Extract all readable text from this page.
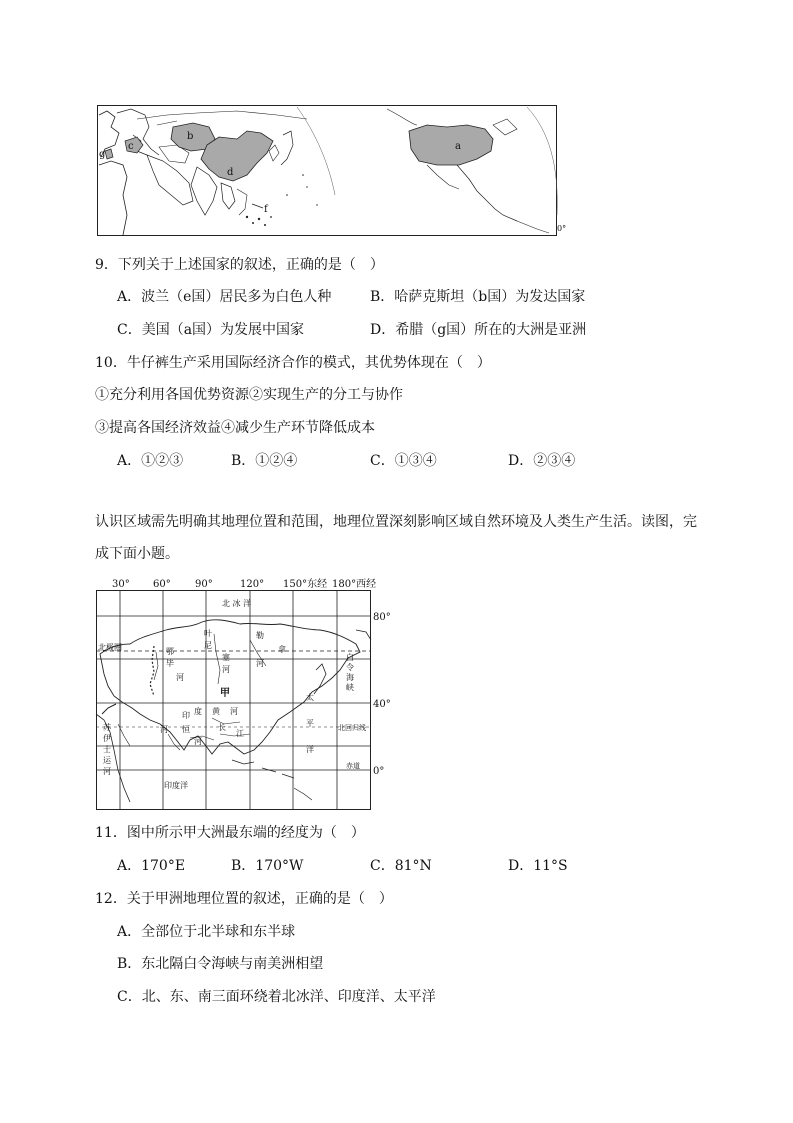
a
b
c
d
f
g
0°
9．下列关于上述国家的叙述，正确的是（　）
A．波兰（e国）居民多为白色人种	B．哈萨克斯坦（b国）为发达国家
C．美国（a国）为发展中国家	D．希腊（g国）所在的大洲是亚洲
10．牛仔裤生产采用国际经济合作的模式，其优势体现在（　）
①充分利用各国优势资源②实现生产的分工与协作
③提高各国经济效益④减少生产环节降低成本
A．①②③	B．①②④	C．①③④	D．②③④
认识区域需先明确其地理位置和范围，地理位置深刻影响区域自然环境及人类生产生活。读图，完
成下面小题。
30° 60° 90°	120° 150°东经 180°西经
80°
40°
0°
北 冰 洋
北极圈	鄂
毕
河
叶
尼
塞
河
勒
拿
河
白
令
海
峡
甲	太
平
洋
北回归线
赤道
苏
伊
士
运
河
印 度
河 恒
河
黄 河
长
江
印度洋
11．图中所示甲大洲最东端的经度为（　）
A．170°E	B．170°W	C．81°N	D．11°S
12．关于甲洲地理位置的叙述，正确的是（　）
A．全部位于北半球和东半球
B．东北隔白令海峡与南美洲相望
C．北、东、南三面环绕着北冰洋、印度洋、太平洋
